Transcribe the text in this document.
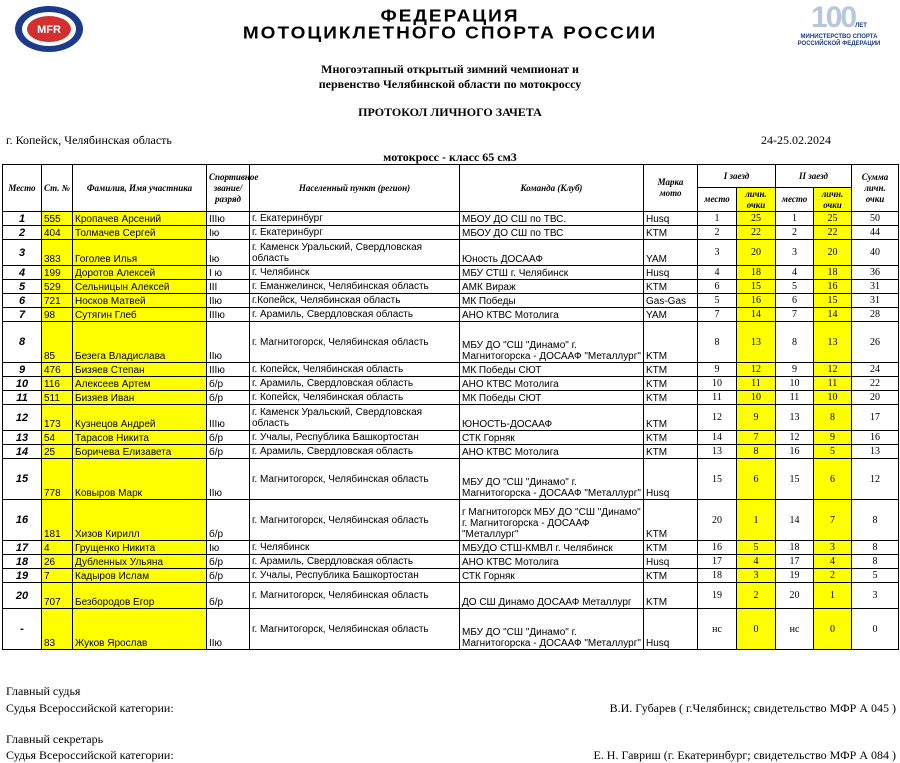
MFR
ФЕДЕРАЦИЯ
МОТОЦИКЛЕТНОГО СПОРТА РОССИИ	100ЛЕТ
МИНИСТЕРСТВО СПОРТА
РОССИЙСКОЙ ФЕДЕРАЦИИ
Многоэтапный открытый зимний чемпионат и
первенство Челябинской области по мотокроссу
ПРОТОКОЛ ЛИЧНОГО ЗАЧЕТА
г. Копейск, Челябинская область	24-25.02.2024
мотокросс - класс 65 см3
Место	Ст. №	Фамилия, Имя участника	Спортивное звание/разряд	Населенный пункт (регион)	Команда (Клуб)	Марка мото	I заезд		II заезд		Сумма личн. очки
							место	личн. очки	место	личн. очки	
1	555	Кропачев Арсений	IIIю	г. Екатеринбург	МБОУ ДО СШ по ТВС.	Husq	1	25	1	25	50
2	404	Толмачев Сергей	Iю	г. Екатеринбург	МБОУ ДО СШ по ТВС	KTM	2	22	2	22	44
3	383	Гоголев Илья	Iю	г. Каменск Уральский, Свердловская область	Юность ДОСААФ	YAM	3	20	3	20	40
4	199	Доротов Алексей	I ю	г. Челябинск	МБУ СТШ г. Челябинск	Husq	4	18	4	18	36
5	529	Сельницын Алексей	III	г. Еманжелинск, Челябинская область	АМК Вираж	KTM	6	15	5	16	31
6	721	Носков Матвей	IIю	г.Копейск, Челябинская область	МК Победы	Gas-Gas	5	16	6	15	31
7	98	Сутягин Глеб	IIIю	г. Арамиль, Свердловская область	АНО КТВС Мотолига	YAM	7	14	7	14	28
8	85	Безега Владислава	IIю	г. Магнитогорск, Челябинская область	МБУ ДО "СШ "Динамо" г. Магнитогорска - ДОСААФ "Металлург"	KTM	8	13	8	13	26
9	476	Бизяев Степан	IIIю	г. Копейск, Челябинская область	МК Победы СЮТ	KTM	9	12	9	12	24
10	116	Алексеев Артем	б/р	г. Арамиль, Свердловская область	АНО КТВС Мотолига	KTM	10	11	10	11	22
11	511	Бизяев Иван	б/р	г. Копейск, Челябинская область	МК Победы СЮТ	KTM	11	10	11	10	20
12	173	Кузнецов Андрей	IIIю	г. Каменск Уральский, Свердловская область	ЮНОСТЬ-ДОСААФ	KTM	12	9	13	8	17
13	54	Тарасов Никита	б/р	г. Учалы, Республика Башкортостан	СТК Горняк	KTM	14	7	12	9	16
14	25	Боричева Елизавета	б/р	г. Арамиль, Свердловская область	АНО КТВС Мотолига	KTM	13	8	16	5	13
15	778	Ковыров Марк	IIю	г. Магнитогорск, Челябинская область	МБУ ДО "СШ "Динамо" г. Магнитогорска - ДОСААФ "Металлург"	Husq	15	6	15	6	12
16	181	Хизов Кирилл	б/р	г. Магнитогорск, Челябинская область	г Магнитогорск МБУ ДО "СШ "Динамо" г. Магнитогорска - ДОСААФ "Металлург"	KTM	20	1	14	7	8
17	4	Грущенко Никита	Iю	г. Челябинск	МБУДО СТШ-КМВЛ г. Челябинск	KTM	16	5	18	3	8
18	26	Дубленных Ульяна	б/р	г. Арамиль, Свердловская область	АНО КТВС Мотолига	Husq	17	4	17	4	8
19	7	Кадыров Ислам	б/р	г. Учалы, Республика Башкортостан	СТК Горняк	KTM	18	3	19	2	5
20	707	Безбородов Егор	б/р	г. Магнитогорск, Челябинская область	ДО СШ Динамо ДОСААФ Металлург	KTM	19	2	20	1	3
-	83	Жуков Ярослав	IIю	г. Магнитогорск, Челябинская область	МБУ ДО "СШ "Динамо" г. Магнитогорска - ДОСААФ "Металлург"	Husq	нс	0	нс	0	0
Главный судья
Судья Всероссийской категории:	В.И. Губарев ( г.Челябинск; свидетельство МФР А 045 )
Главный секретарь
Судья Всероссийской категории:	Е. Н. Гавриш (г. Екатеринбург; свидетельство МФР А 084 )
